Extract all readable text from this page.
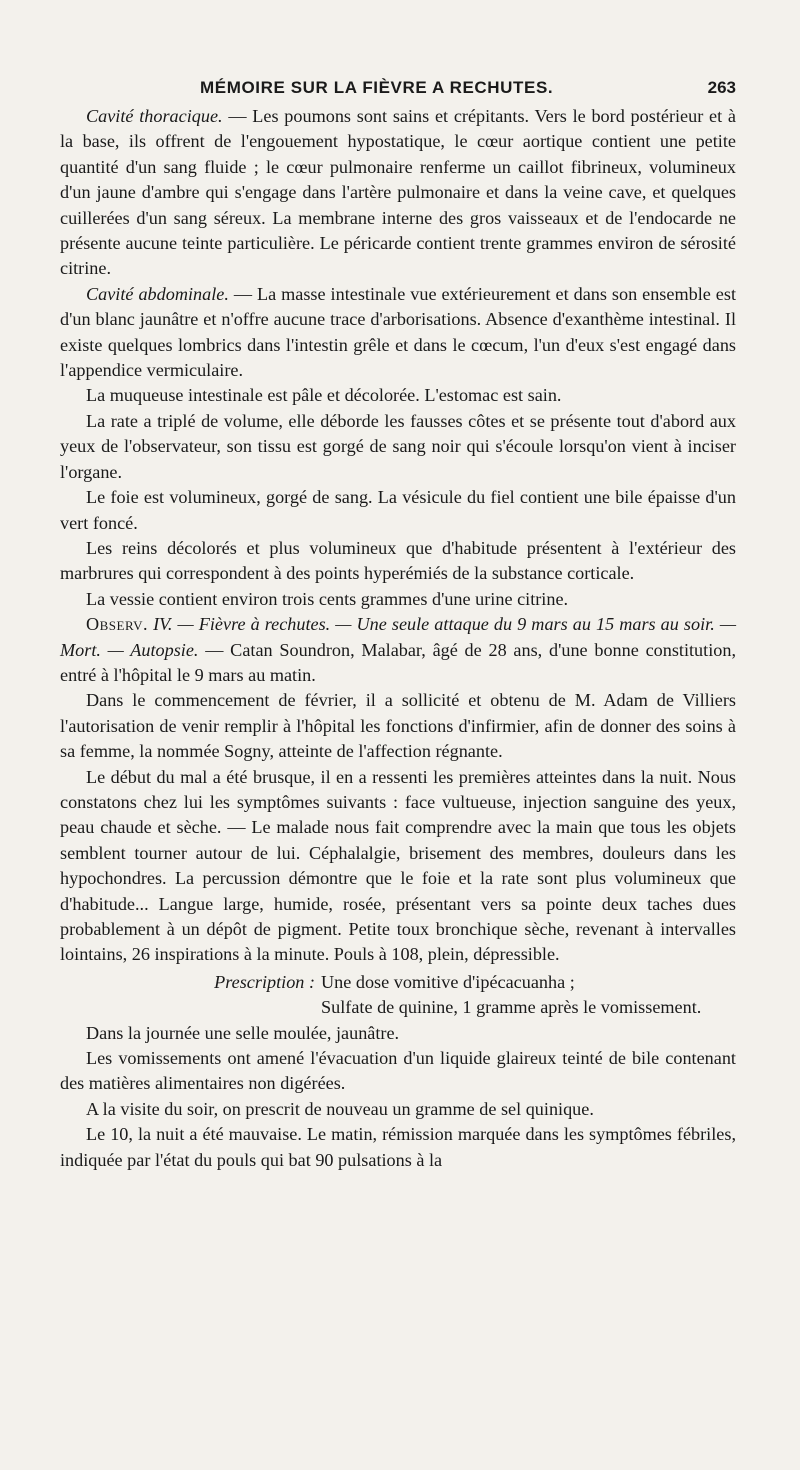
MÉMOIRE SUR LA FIÈVRE A RECHUTES.	263

Cavité thoracique. — Les poumons sont sains et crépitants. Vers le bord postérieur et à la base, ils offrent de l'engouement hypostatique, le cœur aortique contient une petite quantité d'un sang fluide ; le cœur pulmonaire renferme un caillot fibrineux, volumineux d'un jaune d'ambre qui s'engage dans l'artère pulmonaire et dans la veine cave, et quelques cuillerées d'un sang séreux. La membrane interne des gros vaisseaux et de l'endocarde ne présente aucune teinte particulière. Le péricarde contient trente grammes environ de sérosité citrine.

Cavité abdominale. — La masse intestinale vue extérieurement et dans son ensemble est d'un blanc jaunâtre et n'offre aucune trace d'arborisations. Absence d'exanthème intestinal. Il existe quelques lombrics dans l'intestin grêle et dans le cœcum, l'un d'eux s'est engagé dans l'appendice vermiculaire.

La muqueuse intestinale est pâle et décolorée. L'estomac est sain.

La rate a triplé de volume, elle déborde les fausses côtes et se présente tout d'abord aux yeux de l'observateur, son tissu est gorgé de sang noir qui s'écoule lorsqu'on vient à inciser l'organe.

Le foie est volumineux, gorgé de sang. La vésicule du fiel contient une bile épaisse d'un vert foncé.

Les reins décolorés et plus volumineux que d'habitude présentent à l'extérieur des marbrures qui correspondent à des points hyperémiés de la substance corticale.

La vessie contient environ trois cents grammes d'une urine citrine.

Observ. IV. — Fièvre à rechutes. — Une seule attaque du 9 mars au 15 mars au soir. — Mort. — Autopsie. — Catan Soundron, Malabar, âgé de 28 ans, d'une bonne constitution, entré à l'hôpital le 9 mars au matin.

Dans le commencement de février, il a sollicité et obtenu de M. Adam de Villiers l'autorisation de venir remplir à l'hôpital les fonctions d'infirmier, afin de donner des soins à sa femme, la nommée Sogny, atteinte de l'affection régnante.

Le début du mal a été brusque, il en a ressenti les premières atteintes dans la nuit. Nous constatons chez lui les symptômes suivants : face vultueuse, injection sanguine des yeux, peau chaude et sèche. — Le malade nous fait comprendre avec la main que tous les objets semblent tourner autour de lui. Céphalalgie, brisement des membres, douleurs dans les hypochondres. La percussion démontre que le foie et la rate sont plus volumineux que d'habitude... Langue large, humide, rosée, présentant vers sa pointe deux taches dues probablement à un dépôt de pigment. Petite toux bronchique sèche, revenant à intervalles lointains, 26 inspirations à la minute. Pouls à 108, plein, dépressible.

Prescription : Une dose vomitive d'ipécacuanha ;
Sulfate de quinine, 1 gramme après le vomissement.

Dans la journée une selle moulée, jaunâtre.

Les vomissements ont amené l'évacuation d'un liquide glaireux teinté de bile contenant des matières alimentaires non digérées.

A la visite du soir, on prescrit de nouveau un gramme de sel quinique.

Le 10, la nuit a été mauvaise. Le matin, rémission marquée dans les symptômes fébriles, indiquée par l'état du pouls qui bat 90 pulsations à la
